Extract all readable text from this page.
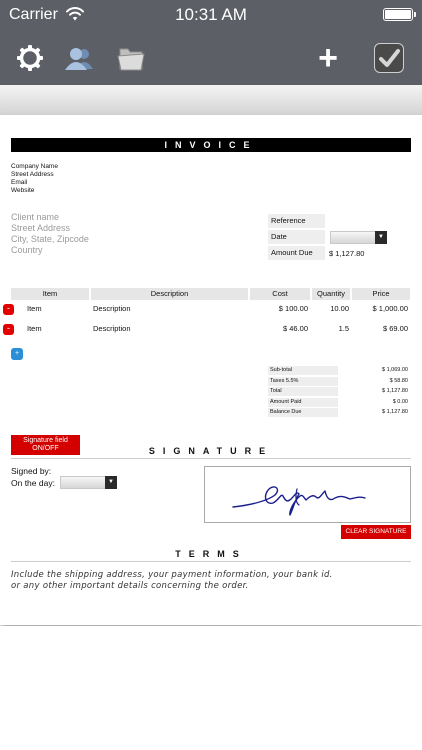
Carrier	10:31 AM
+
INVOICE
Company Name
Street Address
Email
Website
Client name
Street Address
City, State, Zipcode
Country
Reference
Date	▼
Amount Due	$ 1,127.80
Item	Description	Cost	Quantity	Price
-	Item	Description	$ 100.00	10.00	$ 1,000.00
-	Item	Description	$ 46.00	1.5	$ 69.00
+
Sub-total	$ 1,069.00
Taxes 5.5%	$ 58.80
Total	$ 1,127.80
Amount Paid	$ 0.00
Balance Due	$ 1,127.80
Signature field
ON/OFF	SIGNATURE
Signed by:
On the day:	▼
CLEAR SIGNATURE
TERMS
Include the shipping address, your payment information, your bank id.
or any other important details concerning the order.
